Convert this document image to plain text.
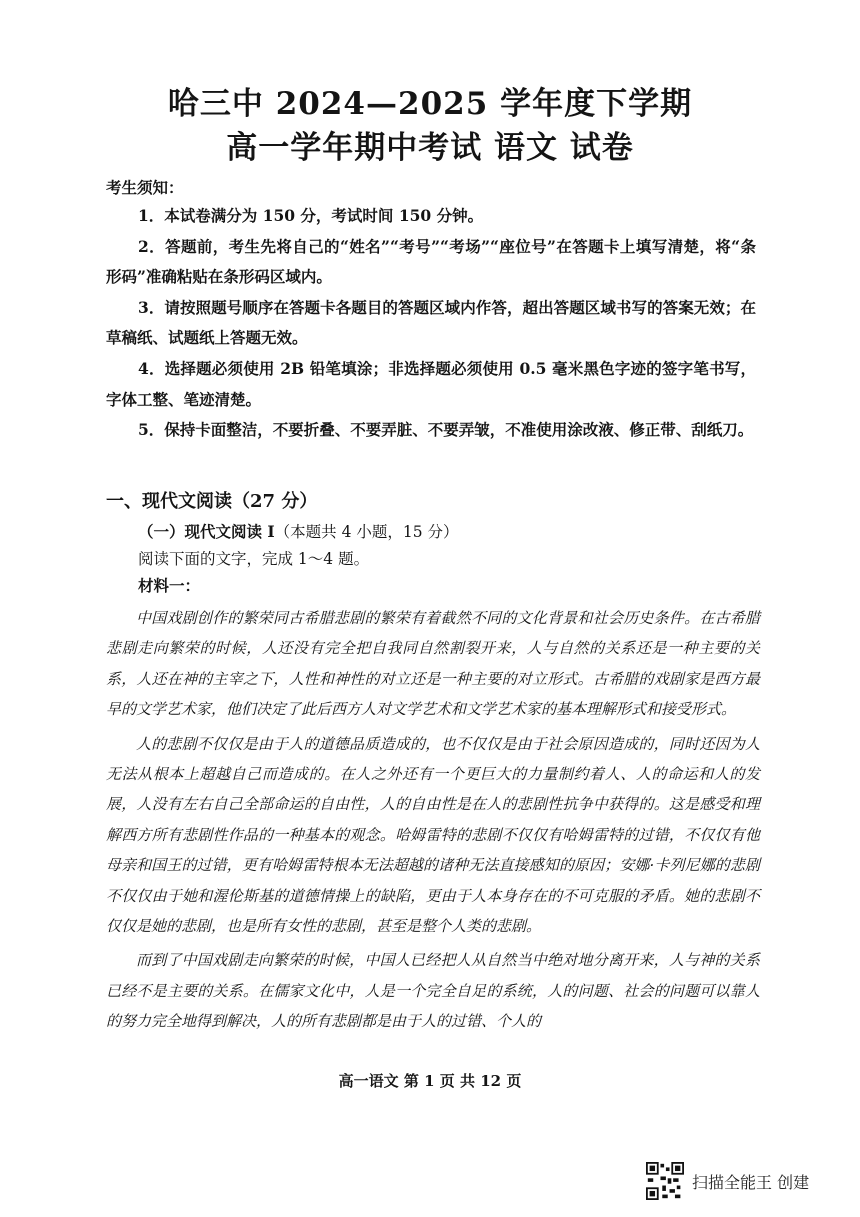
哈三中 2024—2025 学年度下学期
高一学年期中考试 语文 试卷
考生须知：
1．本试卷满分为 150 分，考试时间 150 分钟。
2．答题前，考生先将自己的“姓名”“考号”“考场”“座位号”在答题卡上填写清楚，将“条形码”准确粘贴在条形码区域内。
3．请按照题号顺序在答题卡各题目的答题区域内作答，超出答题区域书写的答案无效；在草稿纸、试题纸上答题无效。
4．选择题必须使用 2B 铅笔填涂；非选择题必须使用 0.5 毫米黑色字迹的签字笔书写，字体工整、笔迹清楚。
5．保持卡面整洁，不要折叠、不要弄脏、不要弄皱，不准使用涂改液、修正带、刮纸刀。
一、现代文阅读（27 分）
（一）现代文阅读 I（本题共 4 小题，15 分）
阅读下面的文字，完成 1～4 题。
材料一：

中国戏剧创作的繁荣同古希腊悲剧的繁荣有着截然不同的文化背景和社会历史条件。在古希腊悲剧走向繁荣的时候，人还没有完全把自我同自然割裂开来，人与自然的关系还是一种主要的关系，人还在神的主宰之下，人性和神性的对立还是一种主要的对立形式。古希腊的戏剧家是西方最早的文学艺术家，他们决定了此后西方人对文学艺术和文学艺术家的基本理解形式和接受形式。

人的悲剧不仅仅是由于人的道德品质造成的，也不仅仅是由于社会原因造成的，同时还因为人无法从根本上超越自己而造成的。在人之外还有一个更巨大的力量制约着人、人的命运和人的发展，人没有左右自己全部命运的自由性，人的自由性是在人的悲剧性抗争中获得的。这是感受和理解西方所有悲剧性作品的一种基本的观念。哈姆雷特的悲剧不仅仅有哈姆雷特的过错，不仅仅有他母亲和国王的过错，更有哈姆雷特根本无法超越的诸种无法直接感知的原因；安娜·卡列尼娜的悲剧不仅仅由于她和渥伦斯基的道德情操上的缺陷，更由于人本身存在的不可克服的矛盾。她的悲剧不仅仅是她的悲剧，也是所有女性的悲剧，甚至是整个人类的悲剧。

而到了中国戏剧走向繁荣的时候，中国人已经把人从自然当中绝对地分离开来，人与神的关系已经不是主要的关系。在儒家文化中，人是一个完全自足的系统，人的问题、社会的问题可以靠人的努力完全地得到解决，人的所有悲剧都是由于人的过错、个人的

高一语文 第 1 页 共 12 页
扫描全能王 创建
